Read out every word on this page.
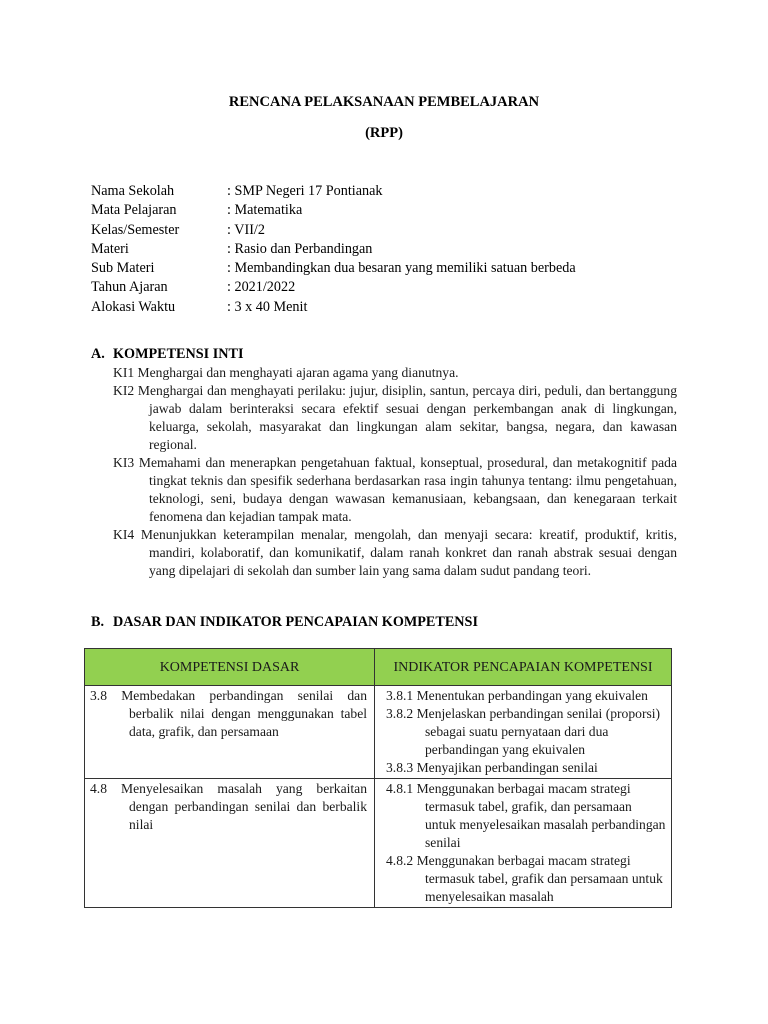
RENCANA PELAKSANAAN PEMBELAJARAN
(RPP)
Nama Sekolah	: SMP Negeri 17 Pontianak
Mata Pelajaran	: Matematika
Kelas/Semester	: VII/2
Materi	: Rasio dan Perbandingan
Sub Materi	: Membandingkan dua besaran yang memiliki satuan berbeda
Tahun Ajaran	: 2021/2022
Alokasi Waktu	: 3 x 40 Menit
A. KOMPETENSI INTI
KI1 Menghargai dan menghayati ajaran agama yang dianutnya.
KI2 Menghargai dan menghayati perilaku: jujur, disiplin, santun, percaya diri, peduli, dan bertanggung jawab dalam berinteraksi secara efektif sesuai dengan perkembangan anak di lingkungan, keluarga, sekolah, masyarakat dan lingkungan alam sekitar, bangsa, negara, dan kawasan regional.
KI3 Memahami dan menerapkan pengetahuan faktual, konseptual, prosedural, dan metakognitif pada tingkat teknis dan spesifik sederhana berdasarkan rasa ingin tahunya tentang: ilmu pengetahuan, teknologi, seni, budaya dengan wawasan kemanusiaan, kebangsaan, dan kenegaraan terkait fenomena dan kejadian tampak mata.
KI4 Menunjukkan keterampilan menalar, mengolah, dan menyaji secara: kreatif, produktif, kritis, mandiri, kolaboratif, dan komunikatif, dalam ranah konkret dan ranah abstrak sesuai dengan yang dipelajari di sekolah dan sumber lain yang sama dalam sudut pandang teori.
B. DASAR DAN INDIKATOR PENCAPAIAN KOMPETENSI
KOMPETENSI DASAR	INDIKATOR PENCAPAIAN KOMPETENSI

3.8 Membedakan perbandingan senilai dan berbalik nilai dengan menggunakan tabel data, grafik, dan persamaan	3.8.1 Menentukan perbandingan yang ekuivalen
3.8.2 Menjelaskan perbandingan senilai (proporsi) sebagai suatu pernyataan dari dua perbandingan yang ekuivalen
3.8.3 Menyajikan perbandingan senilai

4.8 Menyelesaikan masalah yang berkaitan dengan perbandingan senilai dan berbalik nilai	4.8.1 Menggunakan berbagai macam strategi termasuk tabel, grafik, dan persamaan untuk menyelesaikan masalah perbandingan senilai
4.8.2 Menggunakan berbagai macam strategi termasuk tabel, grafik dan persamaan untuk menyelesaikan masalah
